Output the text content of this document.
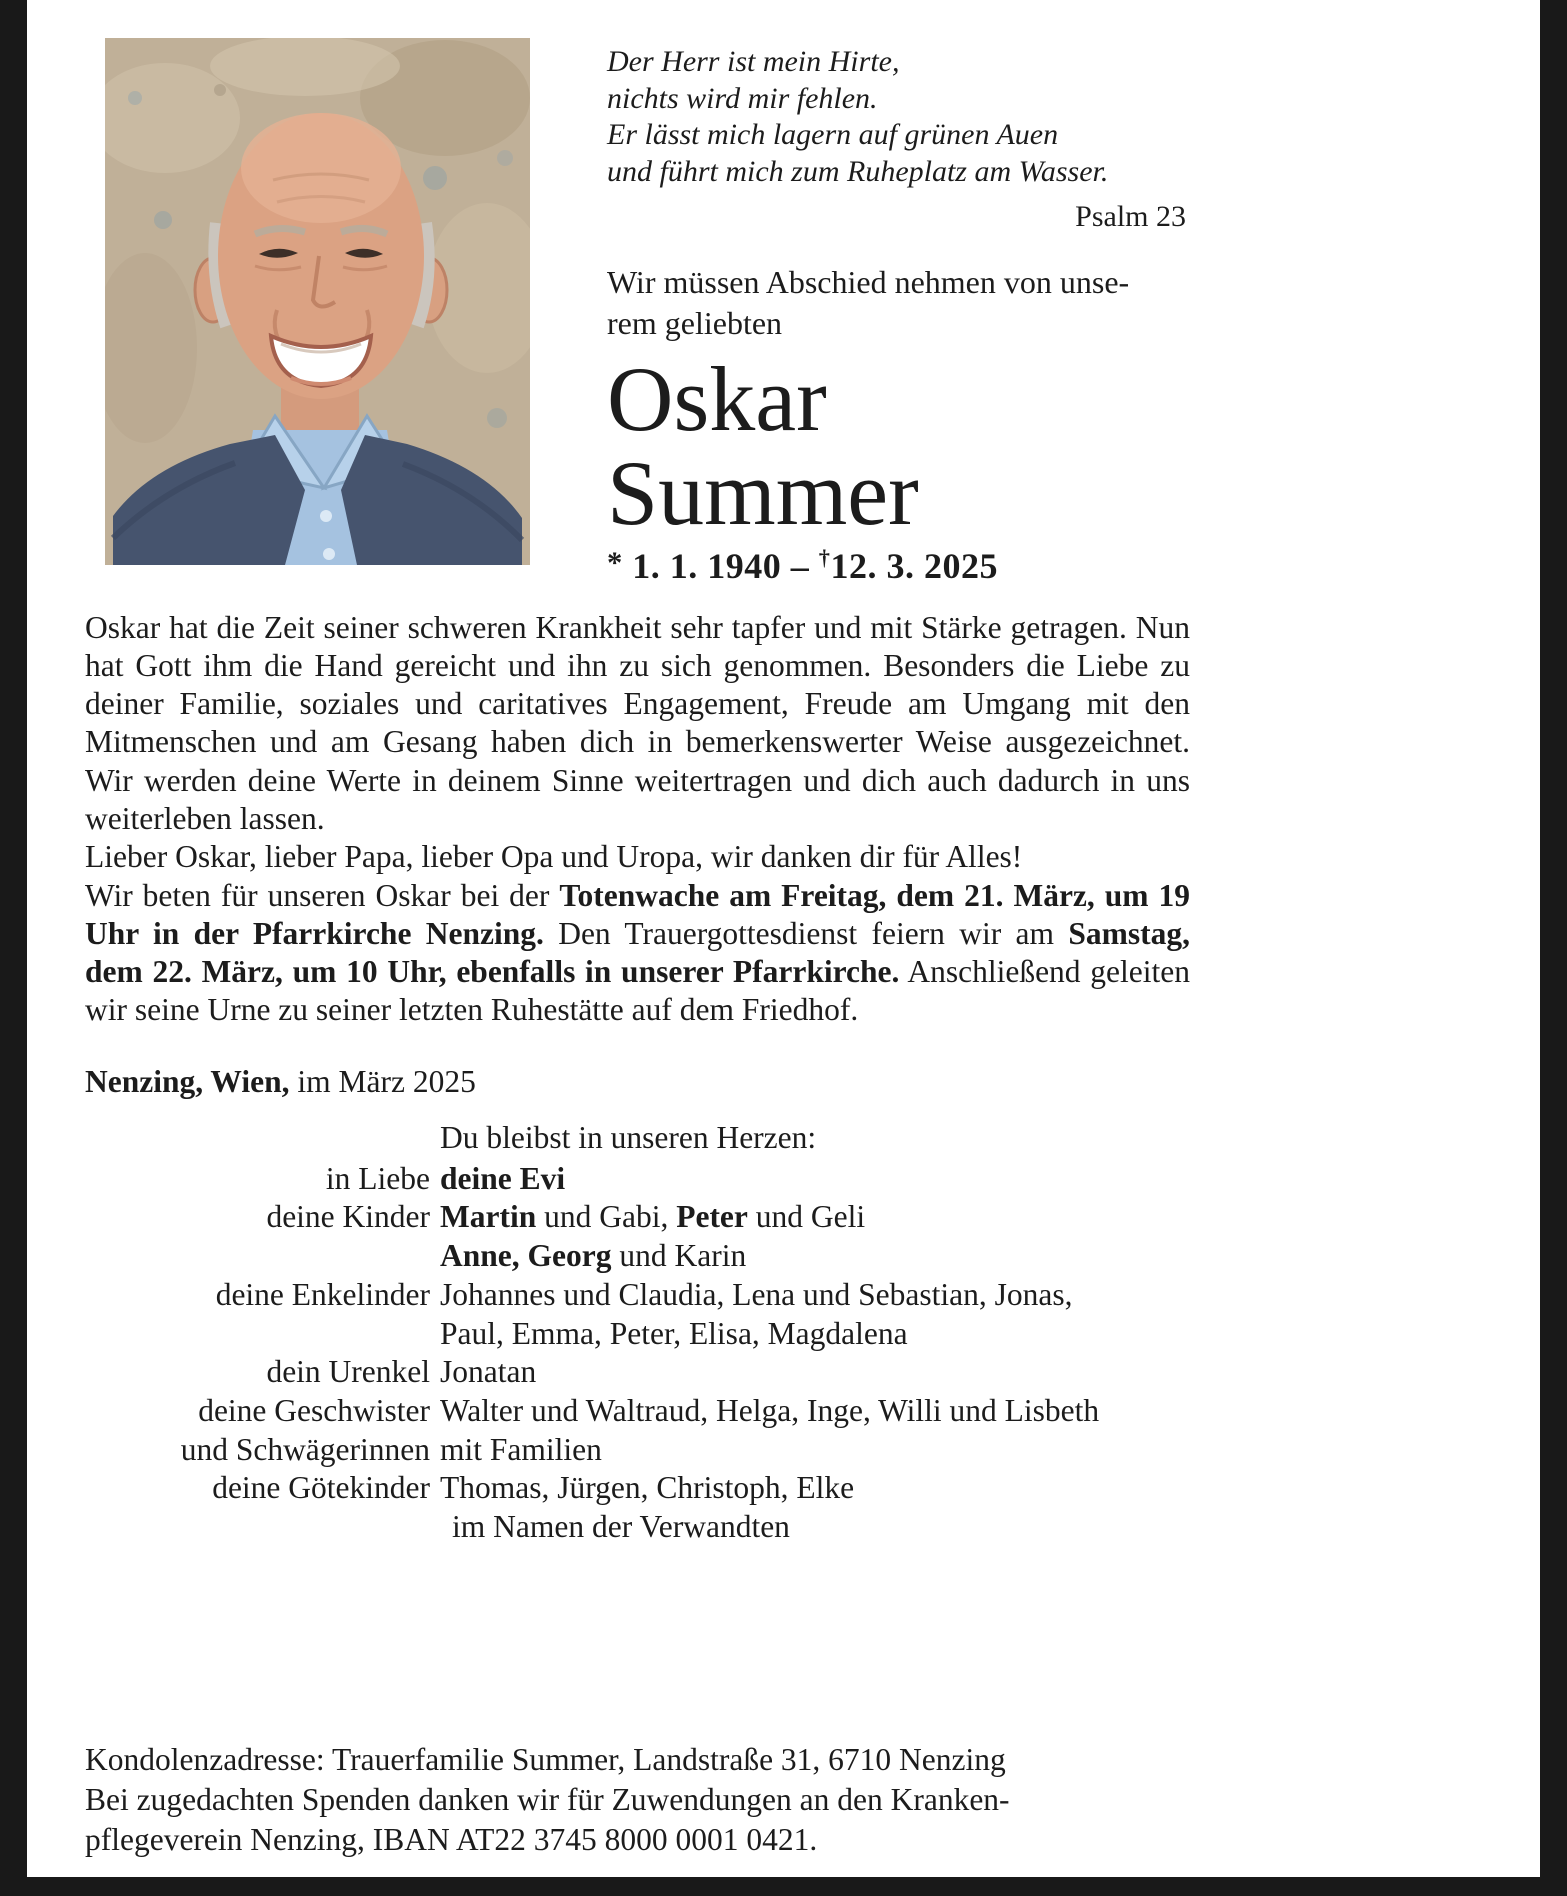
Der Herr ist mein Hirte,
nichts wird mir fehlen.
Er lässt mich lagern auf grünen Auen
und führt mich zum Ruheplatz am Wasser.
Psalm 23
Wir müssen Abschied nehmen von unse-
rem geliebten
Oskar
Summer
* 1. 1. 1940 – †12. 3. 2025

Oskar hat die Zeit seiner schweren Krankheit sehr tapfer und mit Stärke getragen. Nun hat Gott ihm die Hand gereicht und ihn zu sich genommen. Besonders die Liebe zu deiner Familie, soziales und caritatives Engagement, Freude am Umgang mit den Mitmenschen und am Gesang haben dich in bemerkenswerter Weise ausgezeichnet. Wir werden deine Werte in deinem Sinne weitertragen und dich auch dadurch in uns weiterleben lassen.

Lieber Oskar, lieber Papa, lieber Opa und Uropa, wir danken dir für Alles!

Wir beten für unseren Oskar bei der Totenwache am Freitag, dem 21. März, um 19 Uhr in der Pfarrkirche Nenzing. Den Trauergottesdienst feiern wir am Samstag, dem 22. März, um 10 Uhr, ebenfalls in unserer Pfarrkirche. Anschließend geleiten wir seine Urne zu seiner letzten Ruhestätte auf dem Friedhof.

Nenzing, Wien, im März 2025
Du bleibst in unseren Herzen:
in Liebe deine Evi
deine Kinder Martin und Gabi, Peter und Geli
Anne, Georg und Karin
deine Enkelinder Johannes und Claudia, Lena und Sebastian, Jonas,
Paul, Emma, Peter, Elisa, Magdalena
dein Urenkel Jonatan
deine Geschwister Walter und Waltraud, Helga, Inge, Willi und Lisbeth
und Schwägerinnen mit Familien
deine Götekinder Thomas, Jürgen, Christoph, Elke
im Namen der Verwandten
Kondolenzadresse: Trauerfamilie Summer, Landstraße 31, 6710 Nenzing
Bei zugedachten Spenden danken wir für Zuwendungen an den Kranken-
pflegeverein Nenzing, IBAN AT22 3745 8000 0001 0421.
